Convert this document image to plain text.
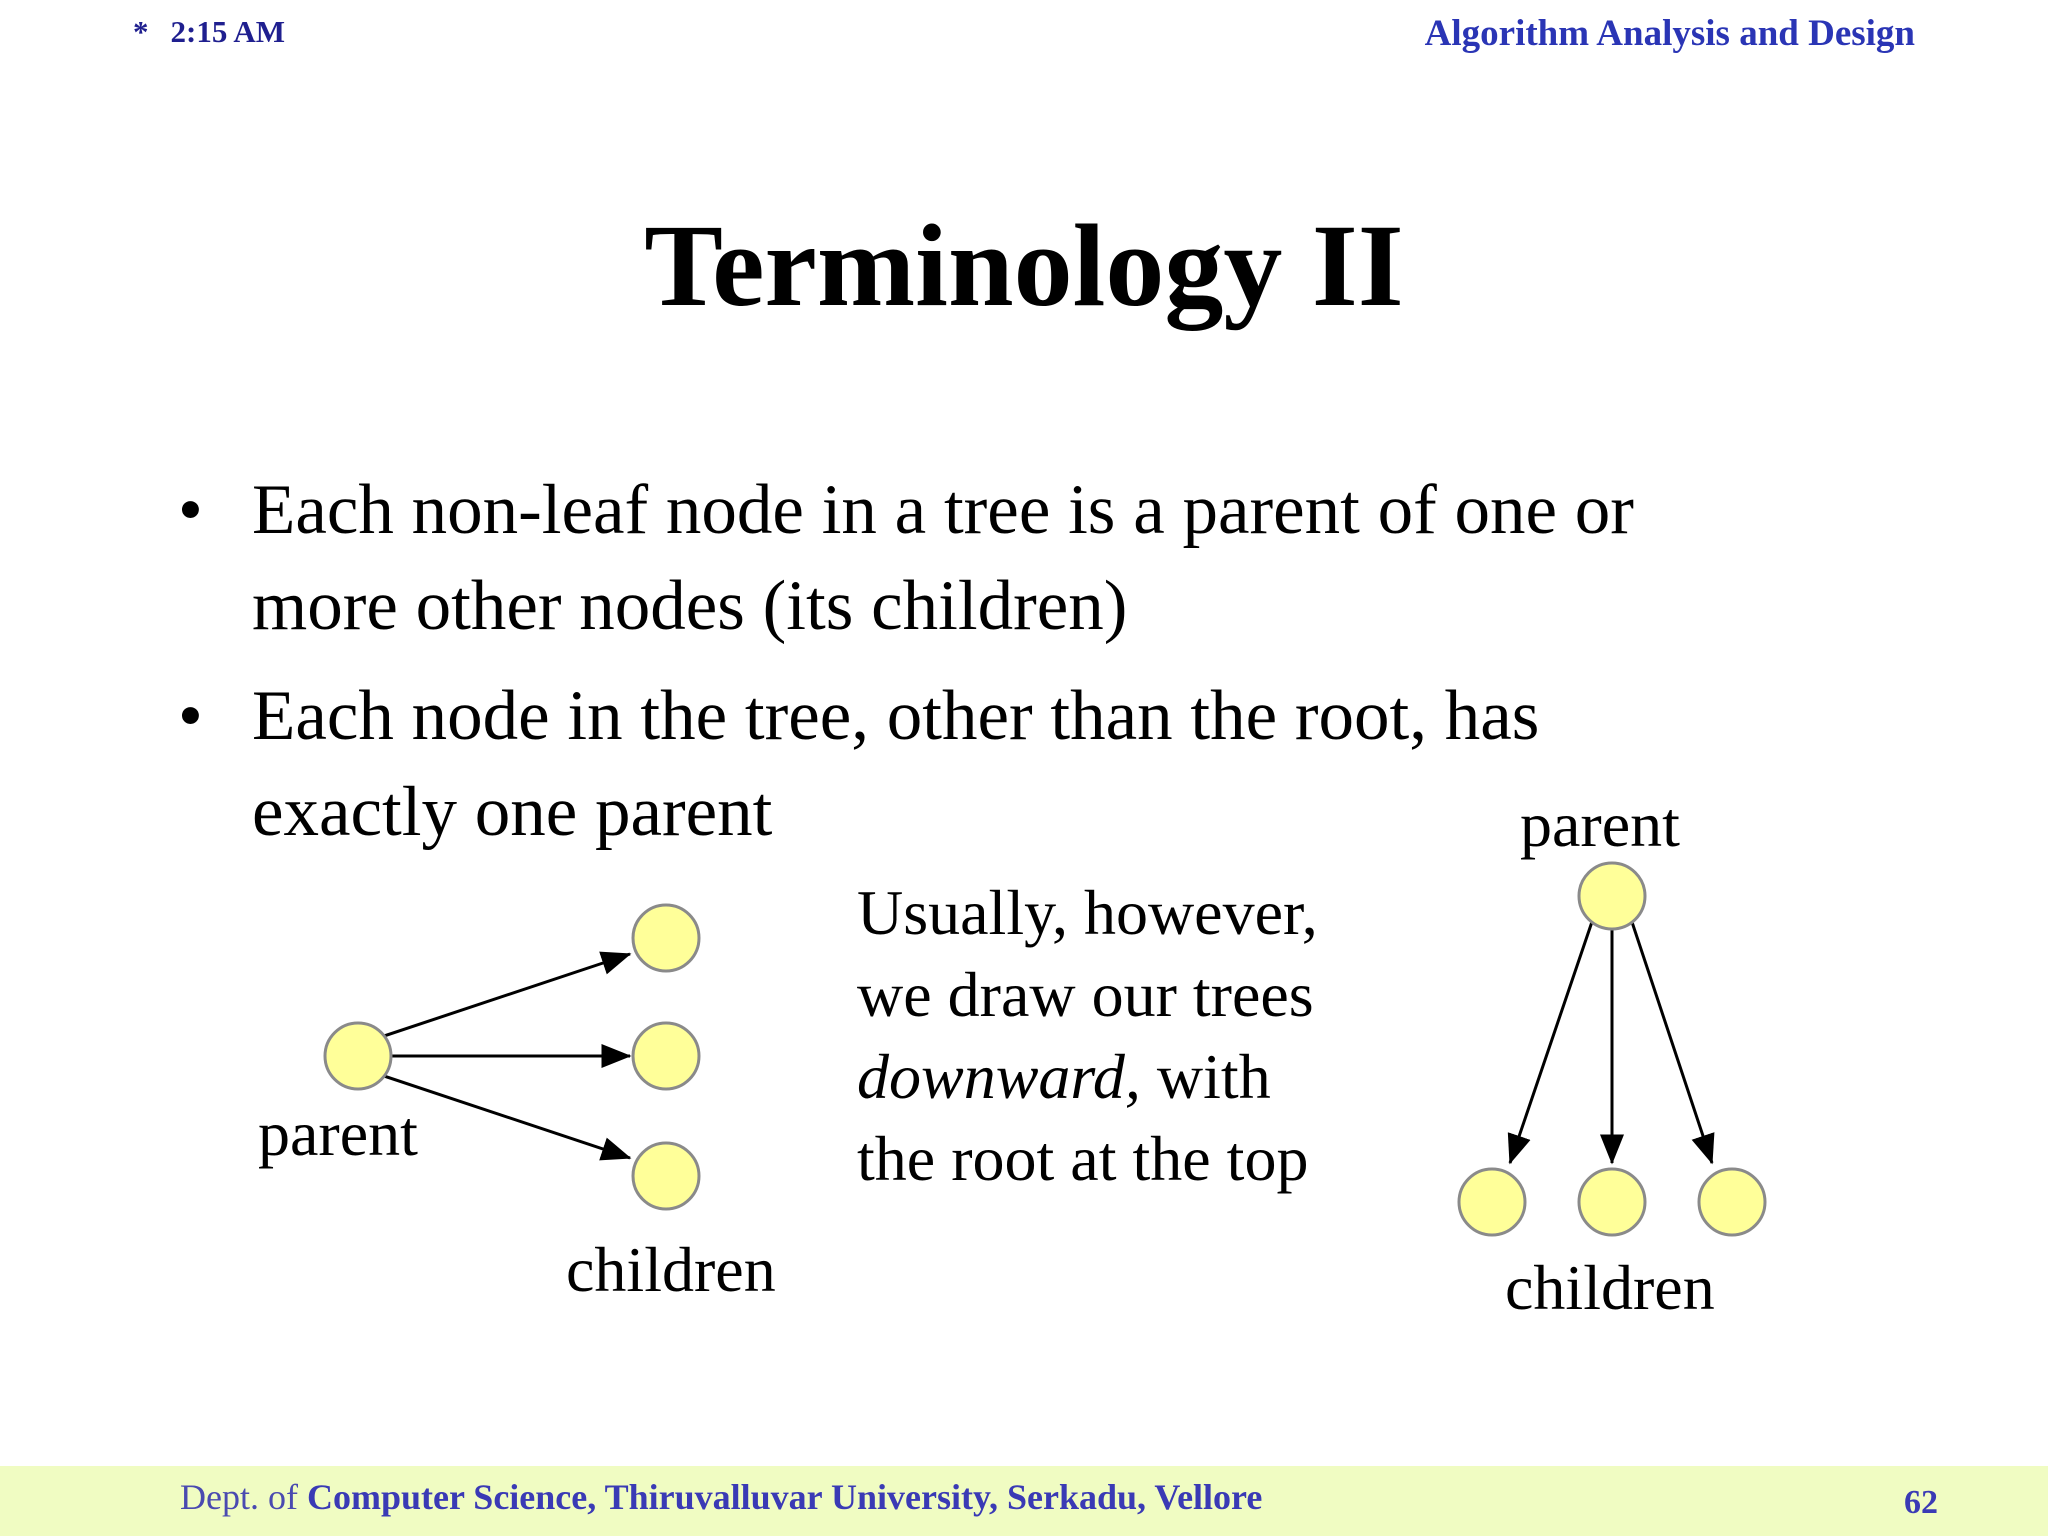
* 2:15 AM	Algorithm Analysis and Design
Terminology II
• Each non-leaf node in a tree is a parent of one or
more other nodes (its children)
• Each node in the tree, other than the root, has
exactly one parent
parent
children
parent
children
Usually, however,
we draw our trees
downward, with
the root at the top
Dept. of Computer Science, Thiruvalluvar University, Serkadu, Vellore	62
